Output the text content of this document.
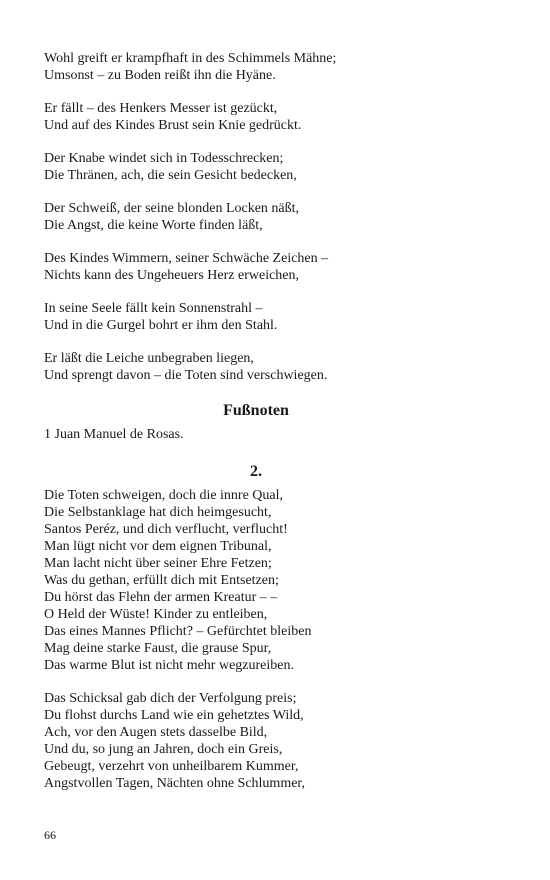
Wohl greift er krampfhaft in des Schimmels Mähne;
Umsonst – zu Boden reißt ihn die Hyäne.
Er fällt – des Henkers Messer ist gezückt,
Und auf des Kindes Brust sein Knie gedrückt.
Der Knabe windet sich in Todesschrecken;
Die Thränen, ach, die sein Gesicht bedecken,
Der Schweiß, der seine blonden Locken näßt,
Die Angst, die keine Worte finden läßt,
Des Kindes Wimmern, seiner Schwäche Zeichen –
Nichts kann des Ungeheuers Herz erweichen,
In seine Seele fällt kein Sonnenstrahl –
Und in die Gurgel bohrt er ihm den Stahl.
Er läßt die Leiche unbegraben liegen,
Und sprengt davon – die Toten sind verschwiegen.
Fußnoten

1 Juan Manuel de Rosas.

2.
Die Toten schweigen, doch die innre Qual,
Die Selbstanklage hat dich heimgesucht,
Santos Peréz, und dich verflucht, verflucht!
Man lügt nicht vor dem eignen Tribunal,
Man lacht nicht über seiner Ehre Fetzen;
Was du gethan, erfüllt dich mit Entsetzen;
Du hörst das Flehn der armen Kreatur – –
O Held der Wüste! Kinder zu entleiben,
Das eines Mannes Pflicht? – Gefürchtet bleiben
Mag deine starke Faust, die grause Spur,
Das warme Blut ist nicht mehr wegzureiben.
Das Schicksal gab dich der Verfolgung preis;
Du flohst durchs Land wie ein gehetztes Wild,
Ach, vor den Augen stets dasselbe Bild,
Und du, so jung an Jahren, doch ein Greis,
Gebeugt, verzehrt von unheilbarem Kummer,
Angstvollen Tagen, Nächten ohne Schlummer,
66
